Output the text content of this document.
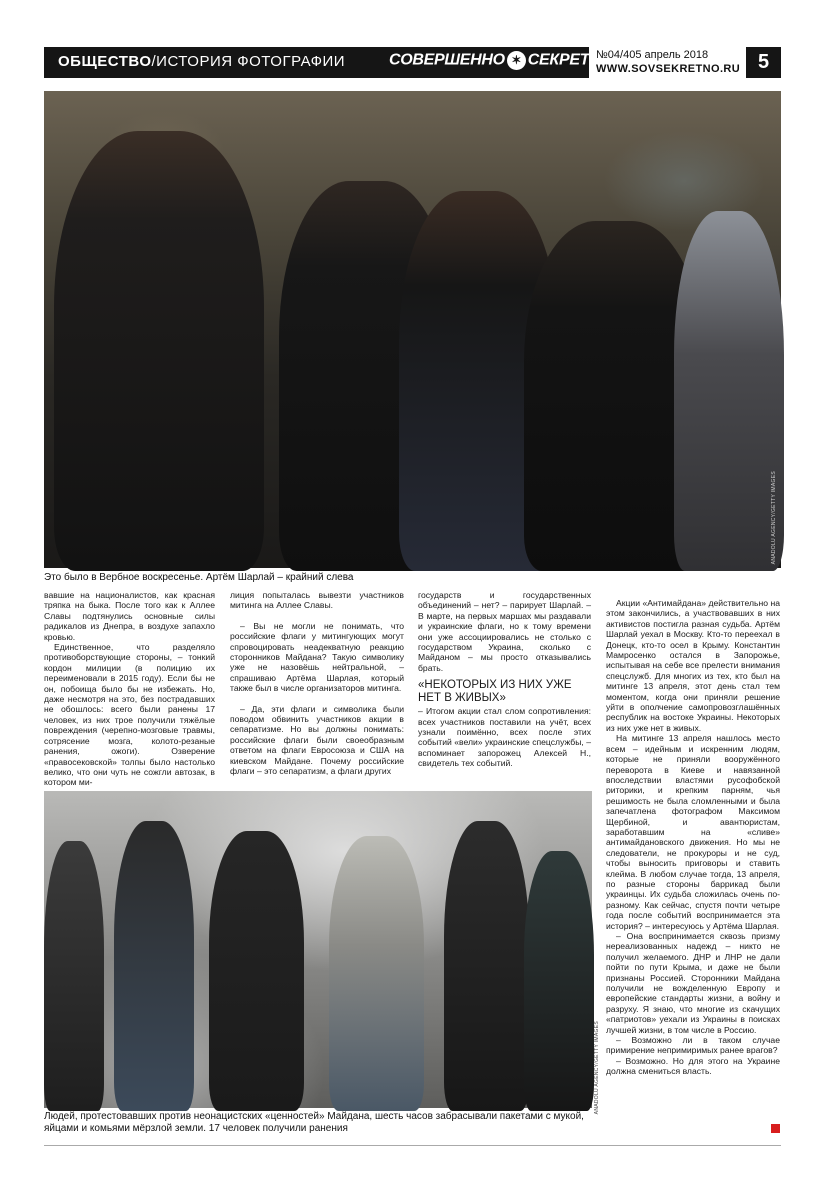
ОБЩЕСТВО/ИСТОРИЯ ФОТОГРАФИИ	СОВЕРШЕННО ✶ СЕКРЕТНО
№04/405 апрель 2018
WWW.SOVSEKRETNO.RU 5
ANADOLU AGENCY/GETTY IMAGES
Это было в Вербное воскресенье. Артём Шарлай – крайний слева

вавшие на националистов, как красная тряпка на быка. После того как к Аллее Славы подтянулись основные силы радикалов из Днепра, в воздухе запахло кровью.

Единственное, что разделяло противоборствующие стороны, – тонкий кордон милиции (в полицию их переименовали в 2015 году). Если бы не он, побоища было бы не избежать. Но, даже несмотря на это, без пострадавших не обошлось: всего были ранены 17 человек, из них трое получили тяжёлые повреждения (черепно-мозговые травмы, сотрясение мозга, колото-резаные ранения, ожоги). Озверение «правосековской» толпы было настолько велико, что они чуть не сожгли автозак, в котором ми-

лиция попыталась вывезти участников митинга на Аллее Славы.

– Вы не могли не понимать, что российские флаги у митингующих могут спровоцировать неадекватную реакцию сторонников Майдана? Такую символику уже не назовёшь нейтральной, – спрашиваю Артёма Шарлая, который также был в числе организаторов митинга.

– Да, эти флаги и символика были поводом обвинить участников акции в сепаратизме. Но вы должны понимать: российские флаги были своеобразным ответом на флаги Евросоюза и США на киевском Майдане. Почему российские флаги – это сепаратизм, а флаги других

государств и государственных объединений – нет? – парирует Шарлай. – В марте, на первых маршах мы раздавали и украинские флаги, но к тому времени они уже ассоциировались не столько с государством Украина, сколько с Майданом – мы просто отказывались брать.

«НЕКОТОРЫХ ИЗ НИХ УЖЕ НЕТ В ЖИВЫХ»

– Итогом акции стал слом сопротивления: всех участников поставили на учёт, всех узнали поимённо, всех после этих событий «вели» украинские спецслужбы, – вспоминает запорожец Алексей Н., свидетель тех событий.

Акции «Антимайдана» действительно на этом закончились, а участвовавших в них активистов постигла разная судьба. Артём Шарлай уехал в Москву. Кто-то переехал в Донецк, кто-то осел в Крыму. Константин Мамросенко остался в Запорожье, испытывая на себе все прелести внимания спецслужб. Для многих из тех, кто был на митинге 13 апреля, этот день стал тем моментом, когда они приняли решение уйти в ополчение самопровозглашённых республик на востоке Украины. Некоторых из них уже нет в живых.

На митинге 13 апреля нашлось место всем – идейным и искренним людям, которые не приняли вооружённого переворота в Киеве и навязанной впоследствии властями русофобской риторики, и крепким парням, чья решимость не была сломленными и была запечатлена фотографом Максимом Щербиной, и авантюристам, заработавшим на «сливе» антимайдановского движения. Но мы не следователи, не прокуроры и не суд, чтобы выносить приговоры и ставить клейма. В любом случае тогда, 13 апреля, по разные стороны баррикад были украинцы. Их судьба сложилась очень по-разному. Как сейчас, спустя почти четыре года после событий воспринимается эта история? – интересуюсь у Артёма Шарлая.

– Она воспринимается сквозь призму нереализованных надежд – никто не получил желаемого. ДНР и ЛНР не дали пойти по пути Крыма, и даже не были признаны Россией. Сторонники Майдана получили не вожделенную Европу и европейские стандарты жизни, а войну и разруху. Я знаю, что многие из скачущих «патриотов» уехали из Украины в поисках лучшей жизни, в том числе в Россию.

– Возможно ли в таком случае примирение непримиримых ранее врагов?

– Возможно. Но для этого на Украине должна смениться власть.

ANADOLU AGENCY/GETTY IMAGES
Людей, протестовавших против неонацистских «ценностей» Майдана, шесть часов забрасывали пакетами с мукой, яйцами и комьями мёрзлой земли. 17 человек получили ранения
